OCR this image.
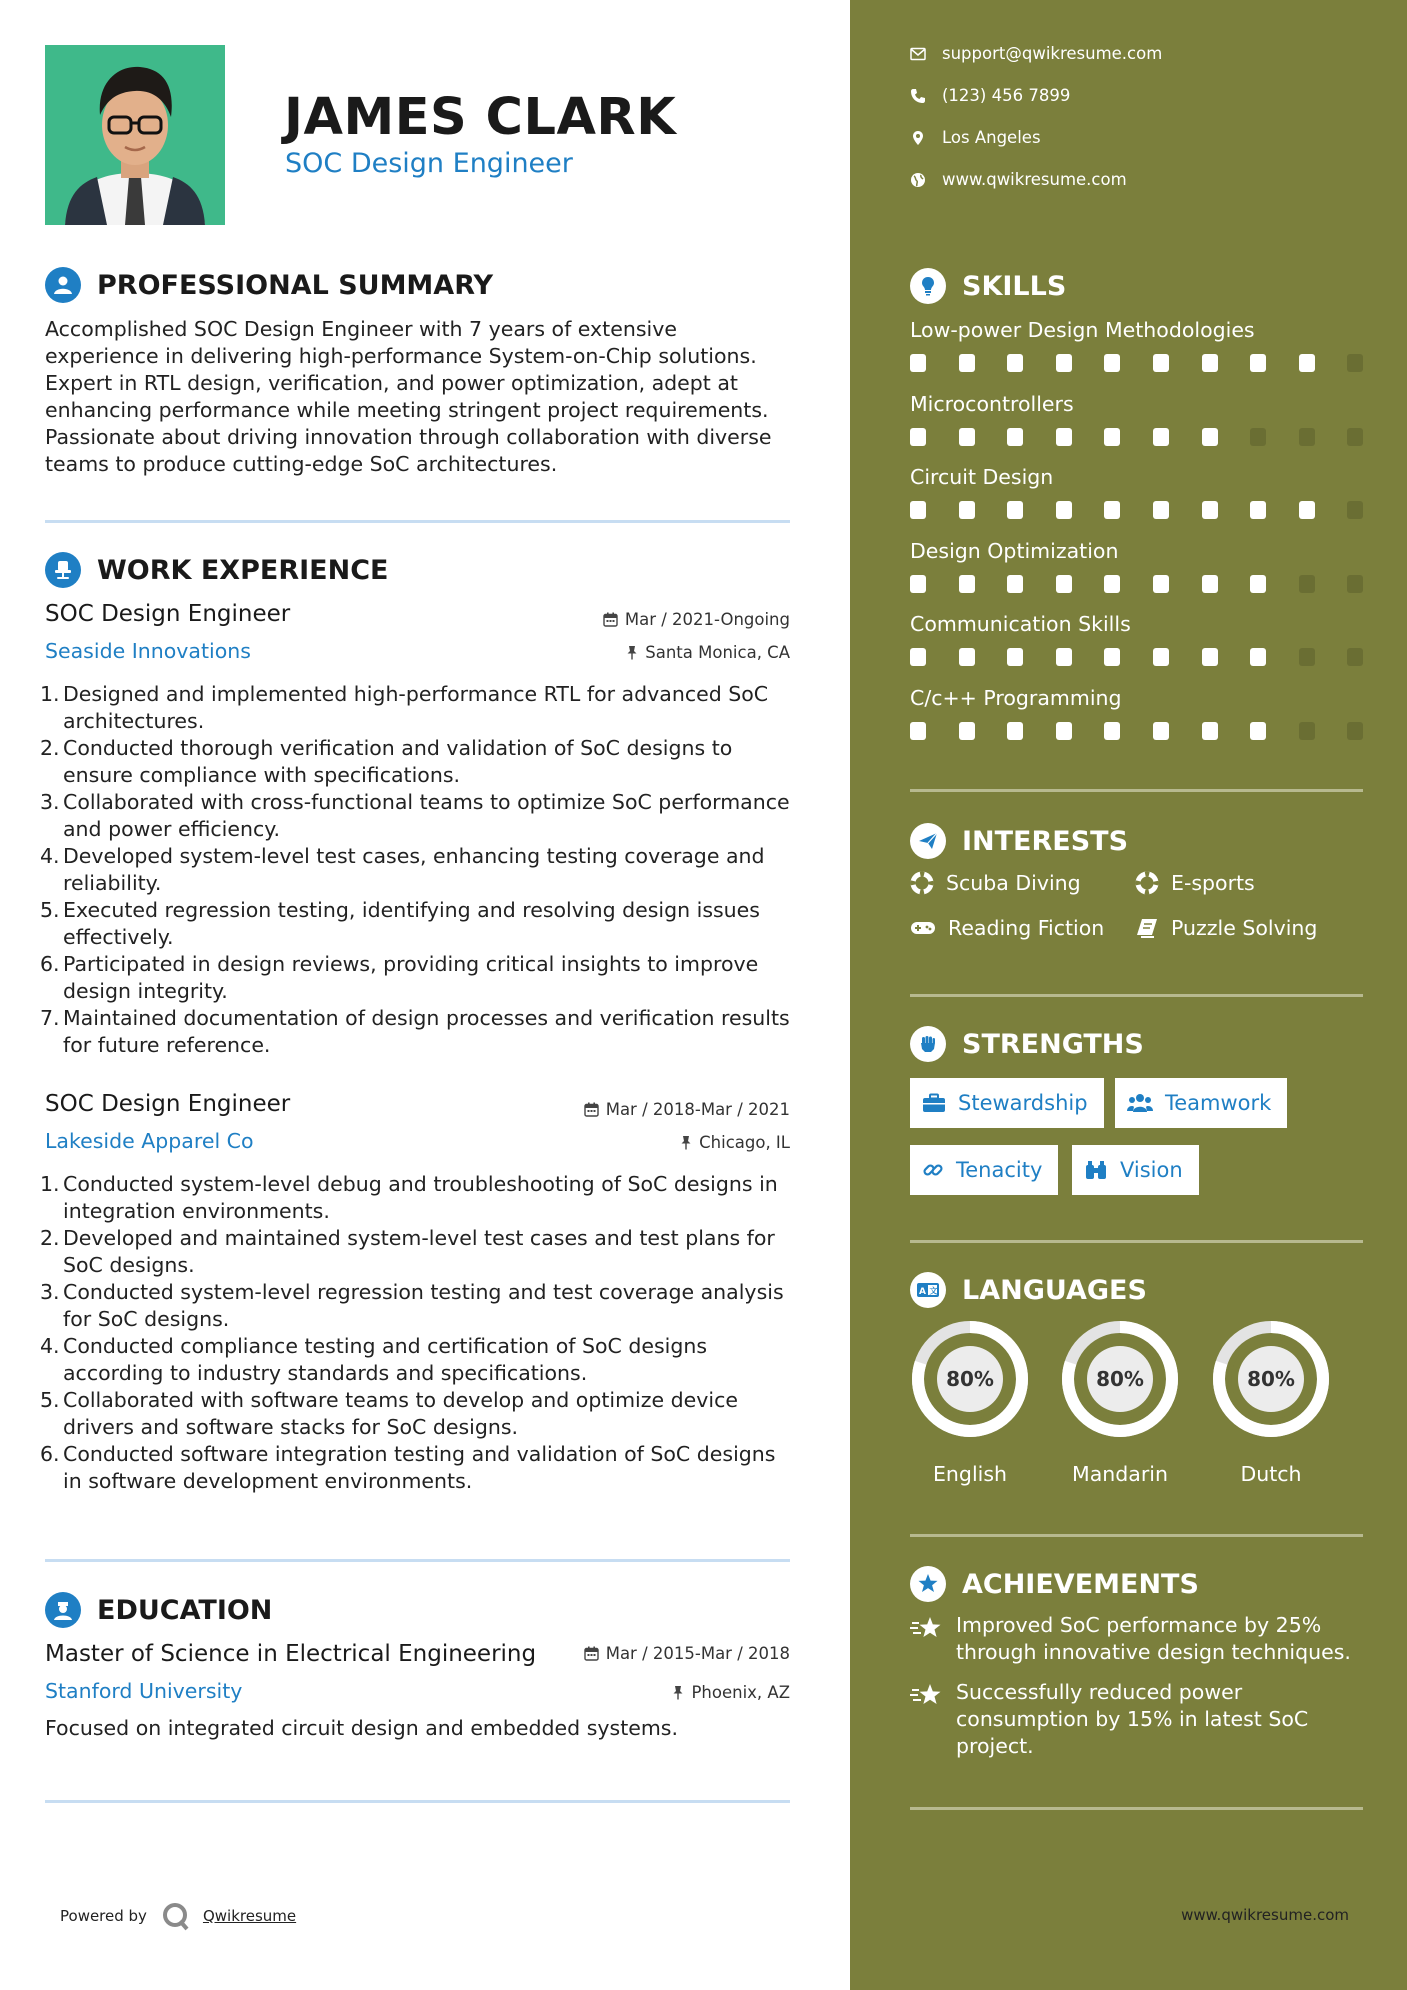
JAMES CLARK
SOC Design Engineer
PROFESSIONAL SUMMARY
Accomplished SOC Design Engineer with 7 years of extensive experience in delivering high-performance System-on-Chip solutions. Expert in RTL design, verification, and power optimization, adept at enhancing performance while meeting stringent project requirements. Passionate about driving innovation through collaboration with diverse teams to produce cutting-edge SoC architectures.
WORK EXPERIENCE
SOC Design Engineer	Mar / 2021-Ongoing
Seaside Innovations	Santa Monica, CA
1. Designed and implemented high-performance RTL for advanced SoC architectures.
2. Conducted thorough verification and validation of SoC designs to ensure compliance with specifications.
3. Collaborated with cross-functional teams to optimize SoC performance and power efficiency.
4. Developed system-level test cases, enhancing testing coverage and reliability.
5. Executed regression testing, identifying and resolving design issues effectively.
6. Participated in design reviews, providing critical insights to improve design integrity.
7. Maintained documentation of design processes and verification results for future reference.
SOC Design Engineer	Mar / 2018-Mar / 2021
Lakeside Apparel Co	Chicago, IL
1. Conducted system-level debug and troubleshooting of SoC designs in integration environments.
2. Developed and maintained system-level test cases and test plans for SoC designs.
3. Conducted system-level regression testing and test coverage analysis for SoC designs.
4. Conducted compliance testing and certification of SoC designs according to industry standards and specifications.
5. Collaborated with software teams to develop and optimize device drivers and software stacks for SoC designs.
6. Conducted software integration testing and validation of SoC designs in software development environments.
EDUCATION
Master of Science in Electrical Engineering	Mar / 2015-Mar / 2018
Stanford University	Phoenix, AZ
Focused on integrated circuit design and embedded systems.
Powered by	Qwikresume
support@qwikresume.com
(123) 456 7899
Los Angeles
www.qwikresume.com
SKILLS
Low-power Design Methodologies
Microcontrollers
Circuit Design
Design Optimization
Communication Skills
C/c++ Programming
INTERESTS
Scuba Diving	E-sports
Reading Fiction	Puzzle Solving
STRENGTHS
Stewardship	Teamwork
Tenacity	Vision
A 文 LANGUAGES
80%
English
80%
Mandarin
80%
Dutch
ACHIEVEMENTS
Improved SoC performance by 25% through innovative design techniques.
Successfully reduced power consumption by 15% in latest SoC project.
www.qwikresume.com
